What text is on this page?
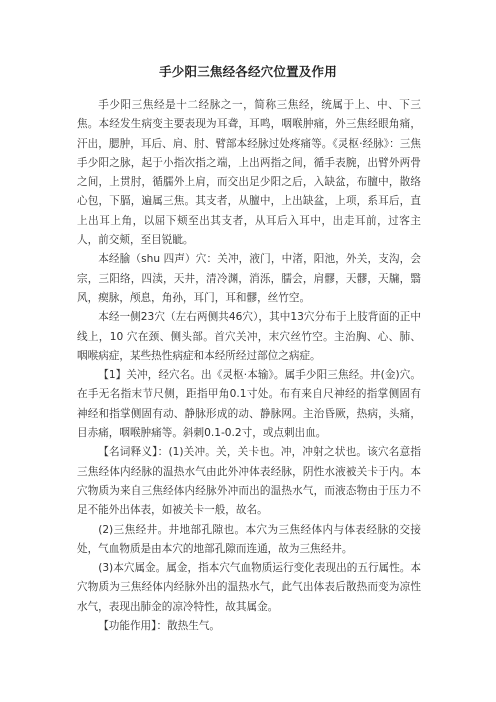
手少阳三焦经各经穴位置及作用

手少阳三焦经是十二经脉之一，简称三焦经，统属于上、中、下三焦。本经发生病变主要表现为耳聋，耳鸣，咽喉肿痛，外三焦经眼角痛，汗出，腮肿，耳后、肩、肘、臂部本经脉过处疼痛等。《灵枢·经脉》：三焦手少阳之脉，起于小指次指之端，上出两指之间，循手表腕，出臂外两骨之间，上贯肘，循臑外上肩，而交出足少阳之后，入缺盆，布膻中，散络心包，下膈，遍属三焦。其支者，从膻中，上出缺盆，上项，系耳后，直上出耳上角，以屈下颊至出其支者，从耳后入耳中，出走耳前，过客主人，前交颊，至目锐眦。

本经腧（shu 四声）穴：关冲，液门，中渚，阳池，外关，支沟，会宗，三阳络，四渎，天井，清冷渊，消泺，臑会，肩髎，天髎，天牖，翳风，瘈脉，颅息，角孙，耳门，耳和髎，丝竹空。

本经一侧23穴（左右两侧共46穴），其中13穴分布于上肢背面的正中线上，10 穴在颈、侧头部。首穴关冲，末穴丝竹空。主治胸、心、肺、咽喉病症，某些热性病症和本经所经过部位之病症。

【1】关冲，经穴名。出《灵枢·本输》。属手少阳三焦经。井(金)穴。在手无名指末节尺侧，距指甲角0.1寸处。布有来自尺神经的指掌侧固有神经和指掌侧固有动、静脉形成的动、静脉网。主治昏厥，热病，头痛，目赤痛，咽喉肿痛等。斜刺0.1-0.2寸，或点刺出血。

【名词释义】：(1)关冲。关，关卡也。冲，冲射之状也。该穴名意指三焦经体内经脉的温热水气由此外冲体表经脉，阴性水液被关卡于内。本穴物质为来自三焦经体内经脉外冲而出的温热水气，而液态物由于压力不足不能外出体表，如被关卡一般，故名。

(2)三焦经井。井地部孔隙也。本穴为三焦经体内与体表经脉的交接处，气血物质是由本穴的地部孔隙而连通，故为三焦经井。

(3)本穴属金。属金，指本穴气血物质运行变化表现出的五行属性。本穴物质为三焦经体内经脉外出的温热水气，此气出体表后散热而变为凉性水气，表现出肺金的凉冷特性，故其属金。

【功能作用】：散热生气。
